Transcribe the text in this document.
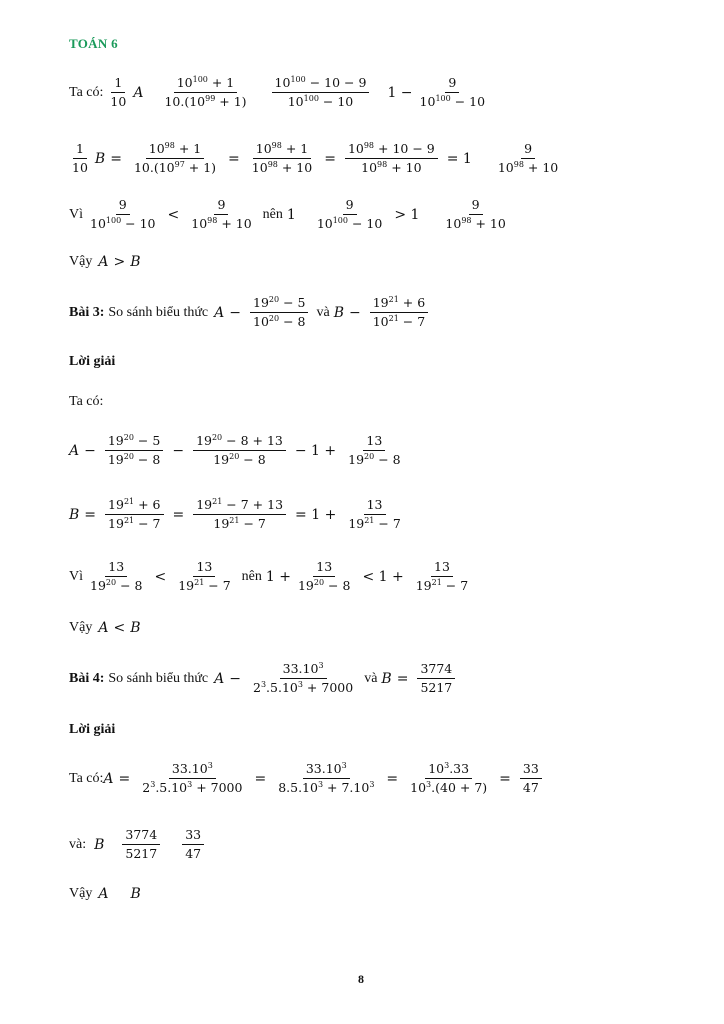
TOÁN 6
Ta có: $\frac{1}{10}$ A $\frac{10^{100} + 1}{10.(10^{99} + 1)} \frac{10^{100} - 10 - 9}{10^{100} - 10} 1 - \frac{9}{10^{100} - 10}$
$\frac{1}{10}$ $B = \frac{10^{98} + 1}{10.(10^{97} + 1)} = \frac{10^{98} + 1}{10^{98} + 10} = \frac{10^{98} + 10 - 9}{10^{98} + 10} = 1 \frac{9}{10^{98} + 10}$
Vì $\frac{9}{10^{100} - 10} < \frac{9}{10^{98} + 10}$ nên $1 \frac{9}{10^{100} - 10} > 1 \frac{9}{10^{98} + 10}$
Vậy A > B
Bài 3: So sánh biểu thức $A - \frac{19^{20} - 5}{10^{20} - 8}$ và $B - \frac{19^{21} + 6}{10^{21} - 7}$
Lời giải
Ta có:
$A - \frac{19^{20} - 5}{19^{20} - 8} - \frac{19^{20} - 8 + 13}{19^{20} - 8} - 1 + \frac{13}{19^{20} - 8}$
$B = \frac{19^{21} + 6}{19^{21} - 7} = \frac{19^{21} - 7 + 13}{19^{21} - 7} = 1 + \frac{13}{19^{21} - 7}$
Vì $\frac{13}{19^{20} - 8} < \frac{13}{19^{21} - 7}$ nên $1 + \frac{13}{19^{20} - 8} < 1 + \frac{13}{19^{21} - 7}$
Vậy A < B
Bài 4: So sánh biểu thức $A - \frac{33.10^3}{2^3.5.10^3 + 7000}$ và $B = \frac{3774}{5217}$
Lời giải
Ta có: $A = \frac{33.10^3}{2^3.5.10^3 + 7000} = \frac{33.10^3}{8.5.10^3 + 7.10^3} = \frac{10^3.33}{10^3.(40 + 7)} = \frac{33}{47}$
và: B $\frac{3774}{5217} \frac{33}{47}$
Vậy A B
8
